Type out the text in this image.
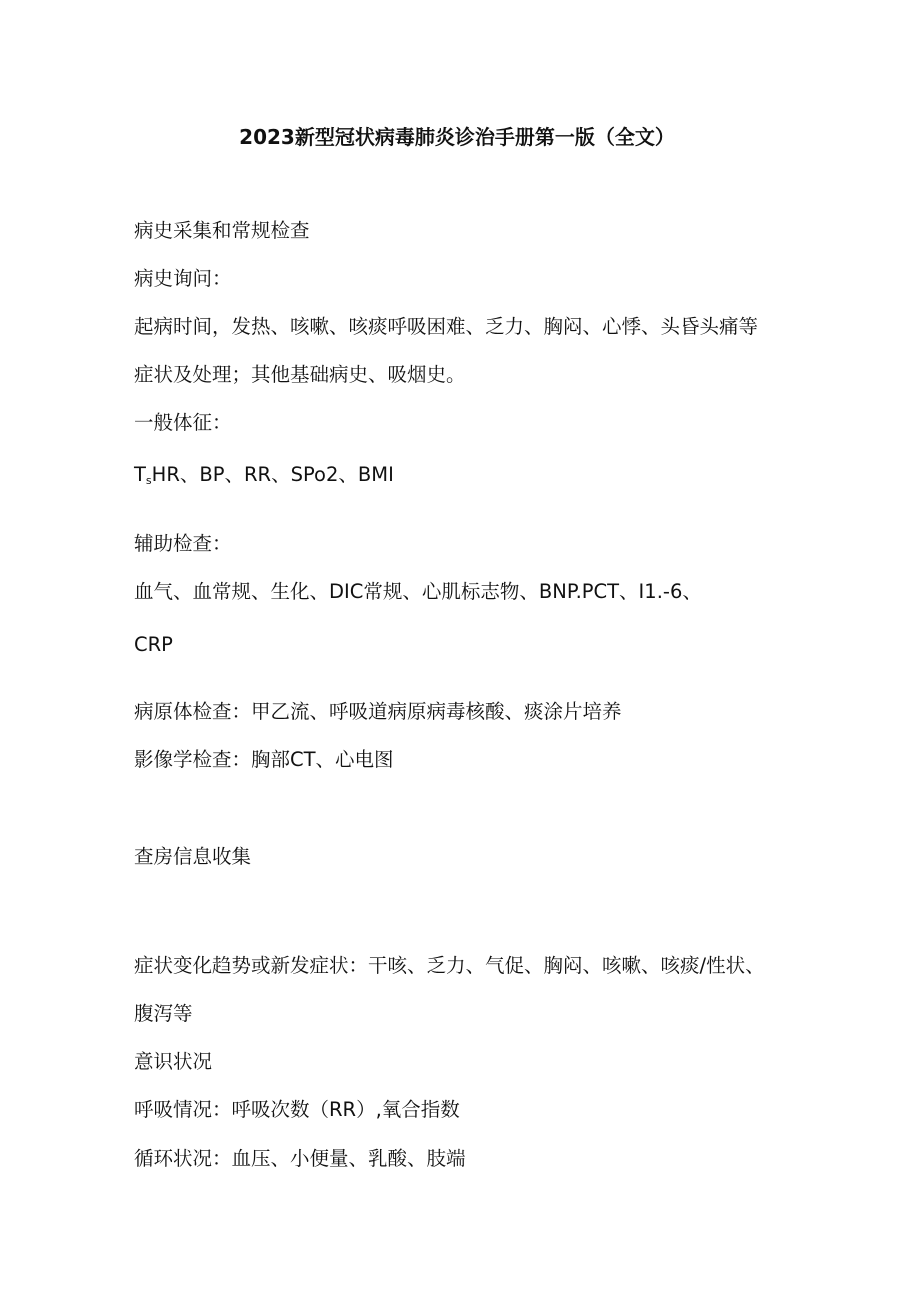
2023新型冠状病毒肺炎诊治手册第一版（全文）
病史采集和常规检查
病史询问：
起病时间，发热、咳嗽、咳痰呼吸困难、乏力、胸闷、心悸、头昏头痛等
症状及处理；其他基础病史、吸烟史。
一般体征：
$T_sHR$、BP、RR、SPo2、BMI
辅助检查：
血气、血常规、生化、DIC常规、心肌标志物、BNP.PCT、I1.-6、
CRP
病原体检查：甲乙流、呼吸道病原病毒核酸、痰涂片培养
影像学检查：胸部CT、心电图
查房信息收集
症状变化趋势或新发症状：干咳、乏力、气促、胸闷、咳嗽、咳痰/性状、
腹泻等
意识状况
呼吸情况：呼吸次数（RR）,氧合指数
循环状况：血压、小便量、乳酸、肢端
